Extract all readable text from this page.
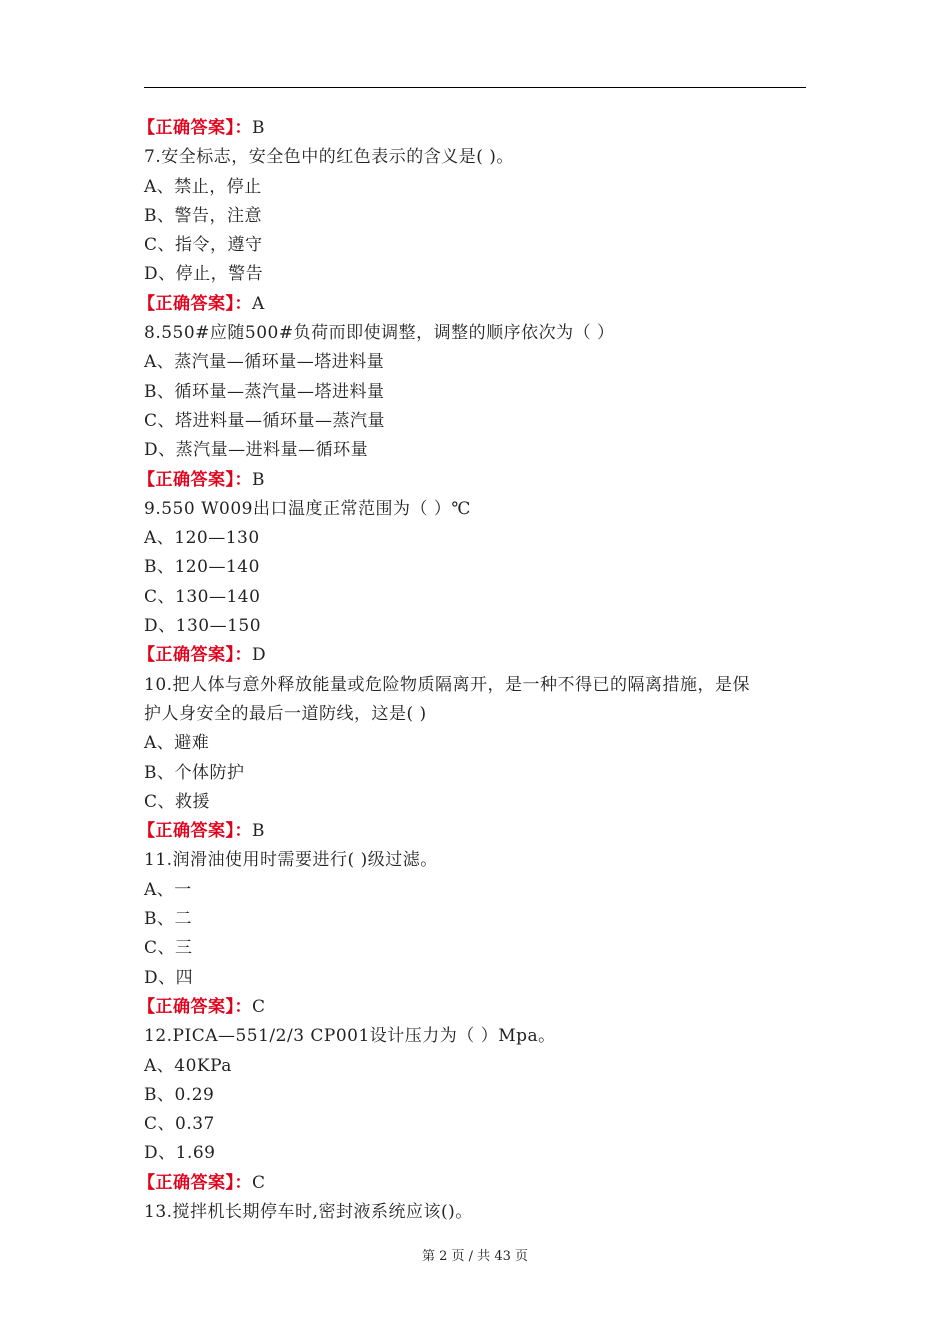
【正确答案】：B
7.安全标志，安全色中的红色表示的含义是( )。
A、禁止，停止
B、警告，注意
C、指令，遵守
D、停止，警告
【正确答案】：A
8.550#应随500#负荷而即使调整，调整的顺序依次为（ ）
A、蒸汽量—循环量—塔进料量
B、循环量—蒸汽量—塔进料量
C、塔进料量—循环量—蒸汽量
D、蒸汽量—进料量—循环量
【正确答案】：B
9.550 W009出口温度正常范围为（ ）℃
A、120—130
B、120—140
C、130—140
D、130—150
【正确答案】：D
10.把人体与意外释放能量或危险物质隔离开，是一种不得已的隔离措施，是保
护人身安全的最后一道防线，这是( )
A、避难
B、个体防护
C、救援
【正确答案】：B
11.润滑油使用时需要进行( )级过滤。
A、一
B、二
C、三
D、四
【正确答案】：C
12.PICA—551/2/3 CP001设计压力为（ ）Mpa。
A、40KPa
B、0.29
C、0.37
D、1.69
【正确答案】：C
13.搅拌机长期停车时,密封液系统应该()。
第 2 页 / 共 43 页
